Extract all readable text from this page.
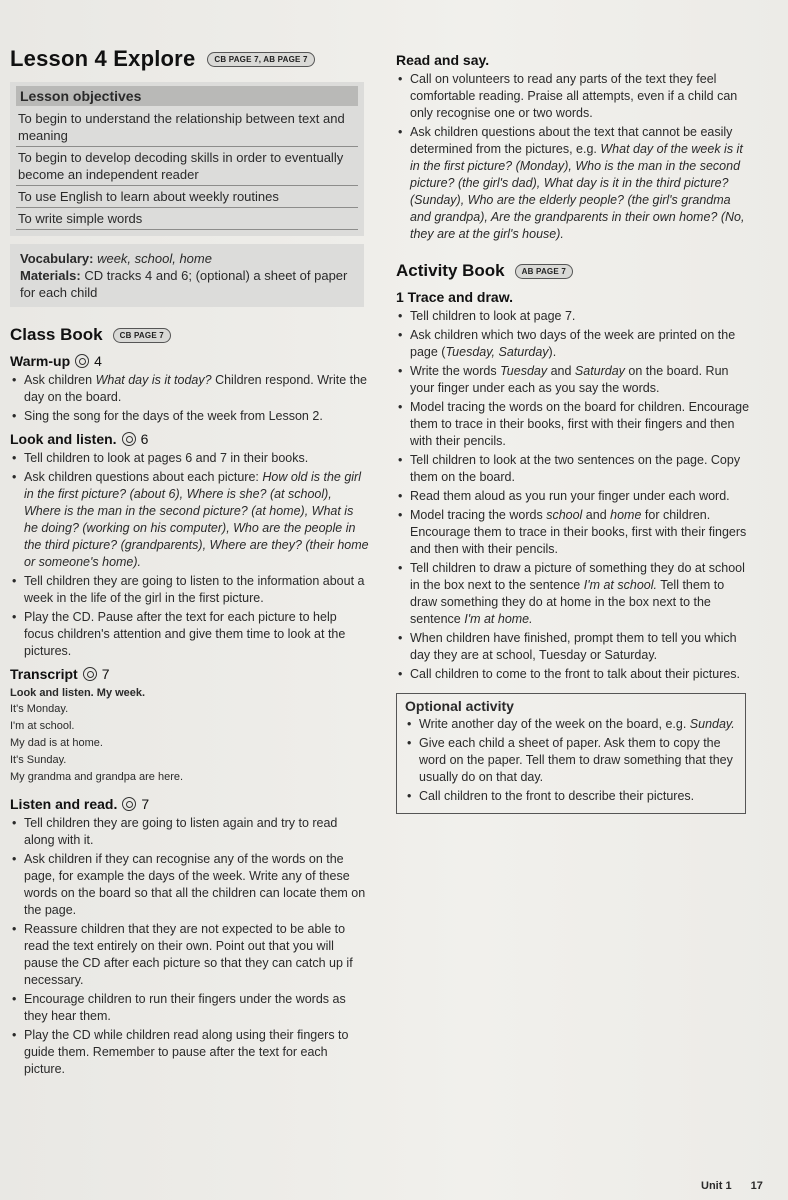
Lesson 4 Explore	CB PAGE 7, AB PAGE 7
Lesson objectives
To begin to understand the relationship between text and meaning
To begin to develop decoding skills in order to eventually become an independent reader
To use English to learn about weekly routines
To write simple words
Vocabulary: week, school, home
Materials: CD tracks 4 and 6; (optional) a sheet of paper for each child
Class Book	CB PAGE 7
Warm-up 4
• Ask children What day is it today? Children respond. Write the day on the board.
• Sing the song for the days of the week from Lesson 2.
Look and listen. 6
• Tell children to look at pages 6 and 7 in their books.
• Ask children questions about each picture: How old is the girl in the first picture? (about 6), Where is she? (at school), Where is the man in the second picture? (at home), What is he doing? (working on his computer), Who are the people in the third picture? (grandparents), Where are they? (their home or someone's home).
• Tell children they are going to listen to the information about a week in the life of the girl in the first picture.
• Play the CD. Pause after the text for each picture to help focus children's attention and give them time to look at the pictures.
Transcript 7
Look and listen. My week.
It's Monday.
I'm at school.
My dad is at home.
It's Sunday.
My grandma and grandpa are here.
Listen and read. 7
• Tell children they are going to listen again and try to read along with it.
• Ask children if they can recognise any of the words on the page, for example the days of the week. Write any of these words on the board so that all the children can locate them on the page.
• Reassure children that they are not expected to be able to read the text entirely on their own. Point out that you will pause the CD after each picture so that they can catch up if necessary.
• Encourage children to run their fingers under the words as they hear them.
• Play the CD while children read along using their fingers to guide them. Remember to pause after the text for each picture.
Read and say.
• Call on volunteers to read any parts of the text they feel comfortable reading. Praise all attempts, even if a child can only recognise one or two words.
• Ask children questions about the text that cannot be easily determined from the pictures, e.g. What day of the week is it in the first picture? (Monday), Who is the man in the second picture? (the girl's dad), What day is it in the third picture? (Sunday), Who are the elderly people? (the girl's grandma and grandpa), Are the grandparents in their own home? (No, they are at the girl's house).
Activity Book	AB PAGE 7
1 Trace and draw.
• Tell children to look at page 7.
• Ask children which two days of the week are printed on the page (Tuesday, Saturday).
• Write the words Tuesday and Saturday on the board. Run your finger under each as you say the words.
• Model tracing the words on the board for children. Encourage them to trace in their books, first with their fingers and then with their pencils.
• Tell children to look at the two sentences on the page. Copy them on the board.
• Read them aloud as you run your finger under each word.
• Model tracing the words school and home for children. Encourage them to trace in their books, first with their fingers and then with their pencils.
• Tell children to draw a picture of something they do at school in the box next to the sentence I'm at school. Tell them to draw something they do at home in the box next to the sentence I'm at home.
• When children have finished, prompt them to tell you which day they are at school, Tuesday or Saturday.
• Call children to come to the front to talk about their pictures.
Optional activity
• Write another day of the week on the board, e.g. Sunday.
• Give each child a sheet of paper. Ask them to copy the word on the paper. Tell them to draw something that they usually do on that day.
• Call children to the front to describe their pictures.
Unit 1 17
